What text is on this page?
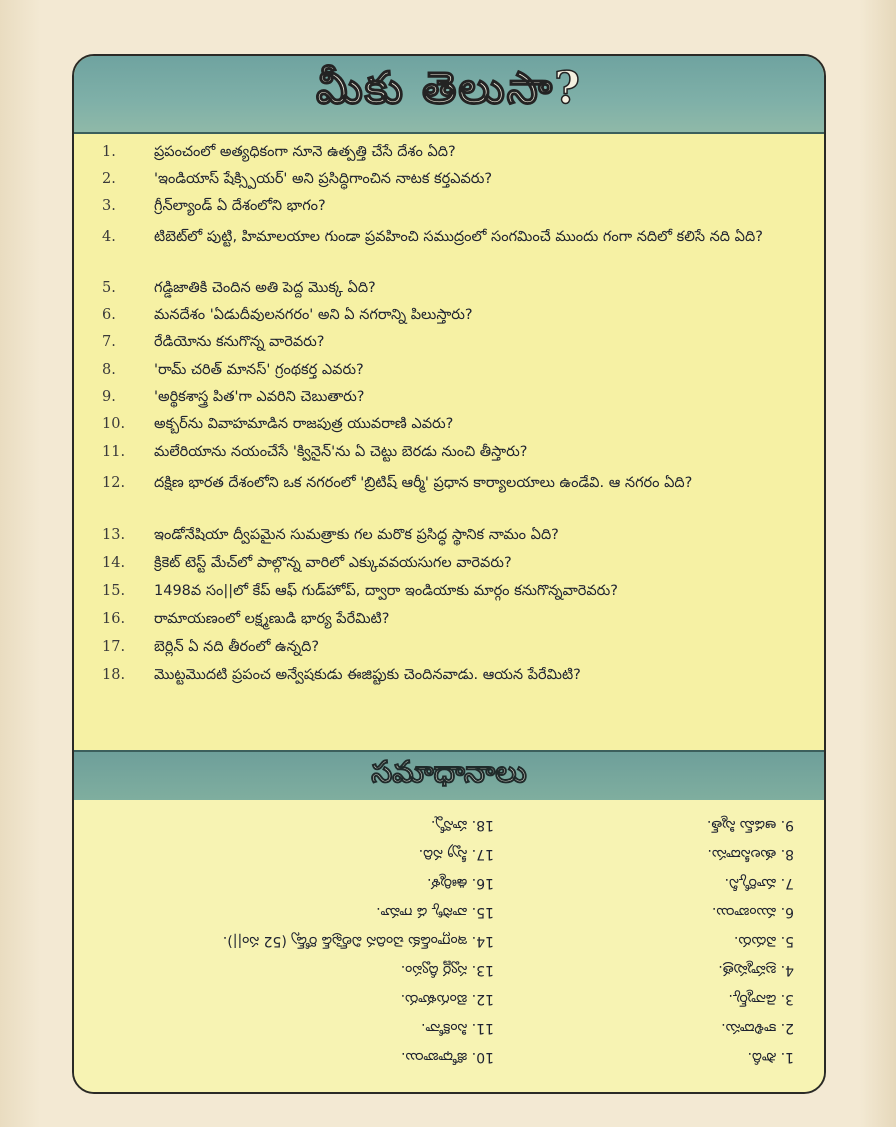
మీకు తెలుసా?
1.	ప్రపంచంలో అత్యధికంగా నూనె ఉత్పత్తి చేసే దేశం ఏది?
2.	'ఇండియాస్ షేక్స్పియర్' అని ప్రసిద్ధిగాంచిన నాటక కర్తఎవరు?
3.	గ్రీన్‌ల్యాండ్ ఏ దేశంలోని భాగం?
4.	టిబెట్‌లో పుట్టి, హిమాలయాల గుండా ప్రవహించి సముద్రంలో సంగమించే ముందు గంగా నదిలో కలిసే నది ఏది?
5.	గడ్డిజాతికి చెందిన అతి పెద్ద మొక్క ఏది?
6.	మనదేశం 'ఏడుదీవులనగరం' అని ఏ నగరాన్ని పిలుస్తారు?
7.	రేడియోను కనుగొన్న వారెవరు?
8.	'రామ్ చరిత్ మానస్' గ్రంథకర్త ఎవరు?
9.	'అర్థికశాస్త్ర పిత'గా ఎవరిని చెబుతారు?
10.	అక్బర్‌ను వివాహమాడిన రాజపుత్ర యువరాణి ఎవరు?
11.	మలేరియాను నయంచేసే 'క్వినైన్'ను ఏ చెట్టు బెరడు నుంచి తీస్తారు?
12.	దక్షిణ భారత దేశంలోని ఒక నగరంలో 'బ్రిటిష్ ఆర్మీ' ప్రధాన కార్యాలయాలు ఉండేవి. ఆ నగరం ఏది?
13.	ఇండోనేషియా ద్వీపమైన సుమత్రాకు గల మరొక ప్రసిద్ధ స్థానిక నామం ఏది?
14.	క్రికెట్ టెస్ట్ మేచ్‌లో పాల్గొన్న వారిలో ఎక్కువవయసుగల వారెవరు?
15.	1498వ సం||లో కేప్ ఆఫ్ గుడ్‌హోప్, ద్వారా ఇండియాకు మార్గం కనుగొన్నవారెవరు?
16.	రామాయణంలో లక్ష్మణుడి భార్య పేరేమిటి?
17.	బెర్లిన్ ఏ నది తీరంలో ఉన్నది?
18.	మొట్టమొదటి ప్రపంచ అన్వేషకుడు ఈజిప్టుకు చెందినవాడు. ఆయన పేరేమిటి?
సమాధానాలు
1. సౌదీ.
2. కాళిదాసు.
3. డెన్మార్క్.
4. బ్రహ్మపుత్ర.
5. వెదురు.
6. ముంబాయి.
7. మార్కోనీ.
8. తులసీదాసు.
9. ఆడమ్ స్మిత్.
10. జోధాబాయి.
11. సింకోనా.
12. బెంగుళూరు.
13. స్వర్ణ ద్వీపం.
14. ఇంగ్లాండ్‌కు చెందిన విల్‌ఫ్రెడ్ రోడ్స్ (52 సం||).
15. వాస్కో డ గామా.
16. ఊర్మిళ.
17. స్ప్రీ నది.
18. హన్నో.
